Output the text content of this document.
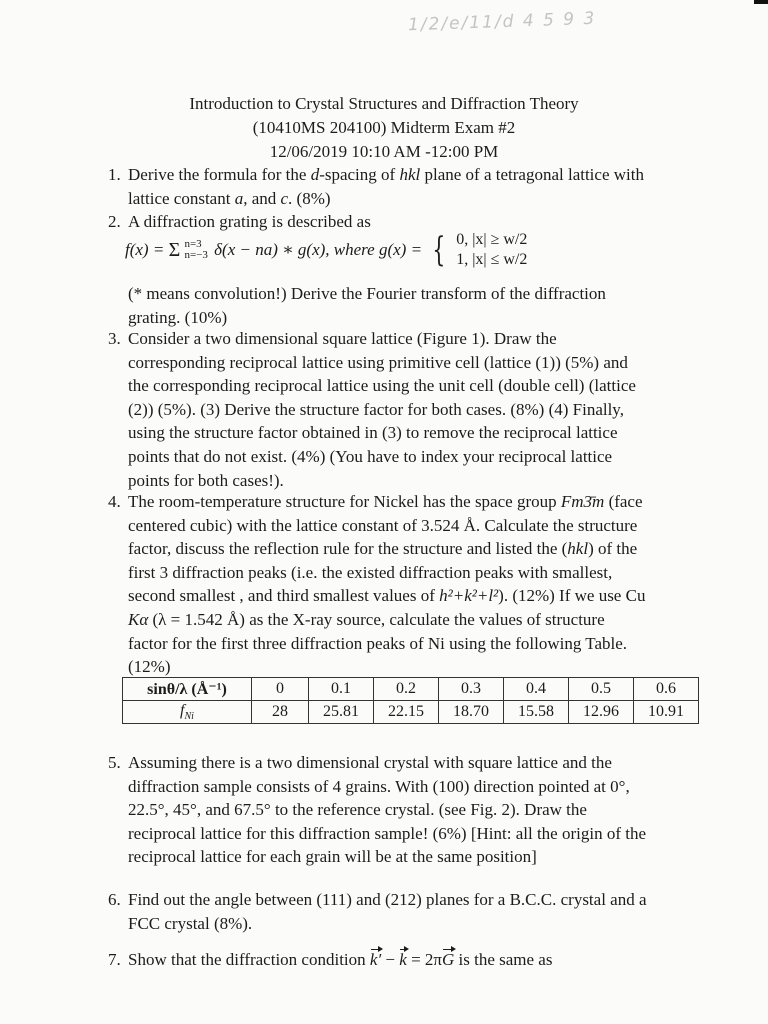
1/2/e/11/d 4 5 9 3
Introduction to Crystal Structures and Diffraction Theory
(10410MS 204100) Midterm Exam #2
12/06/2019 10:10 AM -12:00 PM
1. Derive the formula for the d-spacing of hkl plane of a tetragonal lattice with lattice constant a, and c. (8%)
2. A diffraction grating is described as
f(x) = Σ n=3
n=−3 δ(x − na) ∗ g(x), where g(x) = { 0, |x| ≥ w/2
1, |x| ≤ w/2
(* means convolution!) Derive the Fourier transform of the diffraction grating. (10%)
3. Consider a two dimensional square lattice (Figure 1). Draw the corresponding reciprocal lattice using primitive cell (lattice (1)) (5%) and the corresponding reciprocal lattice using the unit cell (double cell) (lattice (2)) (5%). (3) Derive the structure factor for both cases. (8%) (4) Finally, using the structure factor obtained in (3) to remove the reciprocal lattice points that do not exist. (4%) (You have to index your reciprocal lattice points for both cases!).
4. The room-temperature structure for Nickel has the space group Fm3̄m (face centered cubic) with the lattice constant of 3.524 Å. Calculate the structure factor, discuss the reflection rule for the structure and listed the (hkl) of the first 3 diffraction peaks (i.e. the existed diffraction peaks with smallest, second smallest , and third smallest values of h²+k²+l²). (12%) If we use Cu Kα (λ = 1.542 Å) as the X-ray source, calculate the values of structure factor for the first three diffraction peaks of Ni using the following Table. (12%)
sinθ/λ (Å⁻¹)	0	0.1	0.2	0.3	0.4	0.5	0.6
$f_{Ni}$	28	25.81	22.15	18.70	15.58	12.96	10.91
5. Assuming there is a two dimensional crystal with square lattice and the diffraction sample consists of 4 grains. With (100) direction pointed at 0°, 22.5°, 45°, and 67.5° to the reference crystal. (see Fig. 2). Draw the reciprocal lattice for this diffraction sample! (6%) [Hint: all the origin of the reciprocal lattice for each grain will be at the same position]
6. Find out the angle between (111) and (212) planes for a B.C.C. crystal and a FCC crystal (8%).
7. Show that the diffraction condition k′ − k = 2πG is the same as
